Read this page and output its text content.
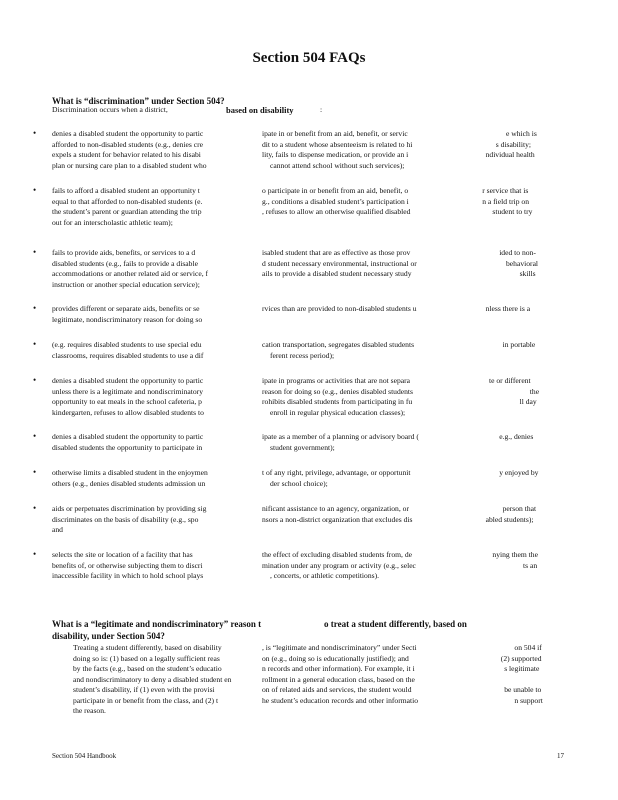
Section 504 FAQs
What is “discrimination” under Section 504?
Discrimination occurs when a district,	based on disability	:
• denies a disabled student the opportunity to partic	ipate in or benefit from an aid, benefit, or servic	e which is
afforded to non-disabled students (e.g., denies cre	dit to a student whose absenteeism is related to hi	s disability;
expels a student for behavior related to his disabi	lity, fails to dispense medication, or provide an i	ndividual health
plan or nursing care plan to a disabled student who	cannot attend school without such services);
• fails to afford a disabled student an opportunity t	o participate in or benefit from an aid, benefit, o	r service that is
equal to that afforded to non-disabled students (e.	g., conditions a disabled student’s participation i	n a field trip on
the student’s parent or guardian attending the trip	, refuses to allow an otherwise qualified disabled	student to try
out for an interscholastic athletic team);
• fails to provide aids, benefits, or services to a d	isabled student that are as effective as those prov	ided to non-
disabled students (e.g., fails to provide a disable	d student necessary environmental, instructional or	behavioral
accommodations or another related aid or service, f	ails to provide a disabled student necessary study	skills
instruction or another special education service);
• provides different or separate aids, benefits or se	rvices than are provided to non-disabled students u	nless there is a
legitimate, nondiscriminatory reason for doing so
• (e.g. requires disabled students to use special edu	cation transportation, segregates disabled students	in portable
classrooms, requires disabled students to use a dif	ferent recess period);
• denies a disabled student the opportunity to partic	ipate in programs or activities that are not separa	te or different
unless there is a legitimate and nondiscriminatory	reason for doing so (e.g., denies disabled students	the
opportunity to eat meals in the school cafeteria, p	rohibits disabled students from participating in fu	ll day
kindergarten, refuses to allow disabled students to	enroll in regular physical education classes);
• denies a disabled student the opportunity to partic	ipate as a member of a planning or advisory board (	e.g., denies
disabled students the opportunity to participate in	student government);
• otherwise limits a disabled student in the enjoymen	t of any right, privilege, advantage, or opportunit	y enjoyed by
others (e.g., denies disabled students admission un	der school choice);
• aids or perpetuates discrimination by providing sig	nificant assistance to an agency, organization, or	person that
discriminates on the basis of disability (e.g., spo	nsors a non-district organization that excludes dis	abled students);
and
• selects the site or location of a facility that has	the effect of excluding disabled students from, de	nying them the
benefits of, or otherwise subjecting them to discri	mination under any program or activity (e.g., selec	ts an
inaccessible facility in which to hold school plays	, concerts, or athletic competitions).
What is a “legitimate and nondiscriminatory” reason t	o treat a student differently, based on
disability, under Section 504?
Treating a student differently, based on disability	, is “legitimate and nondiscriminatory” under Secti	on 504 if
doing so is: (1) based on a legally sufficient reas	on (e.g., doing so is educationally justified); and	(2) supported
by the facts (e.g., based on the student’s educatio	n records and other information). For example, it i	s legitimate
and nondiscriminatory to deny a disabled student en	rollment in a general education class, based on the
student’s disability, if (1) even with the provisi	on of related aids and services, the student would	be unable to
participate in or benefit from the class, and (2) t	he student’s education records and other informatio	n support
the reason.
Section 504 Handbook	17
